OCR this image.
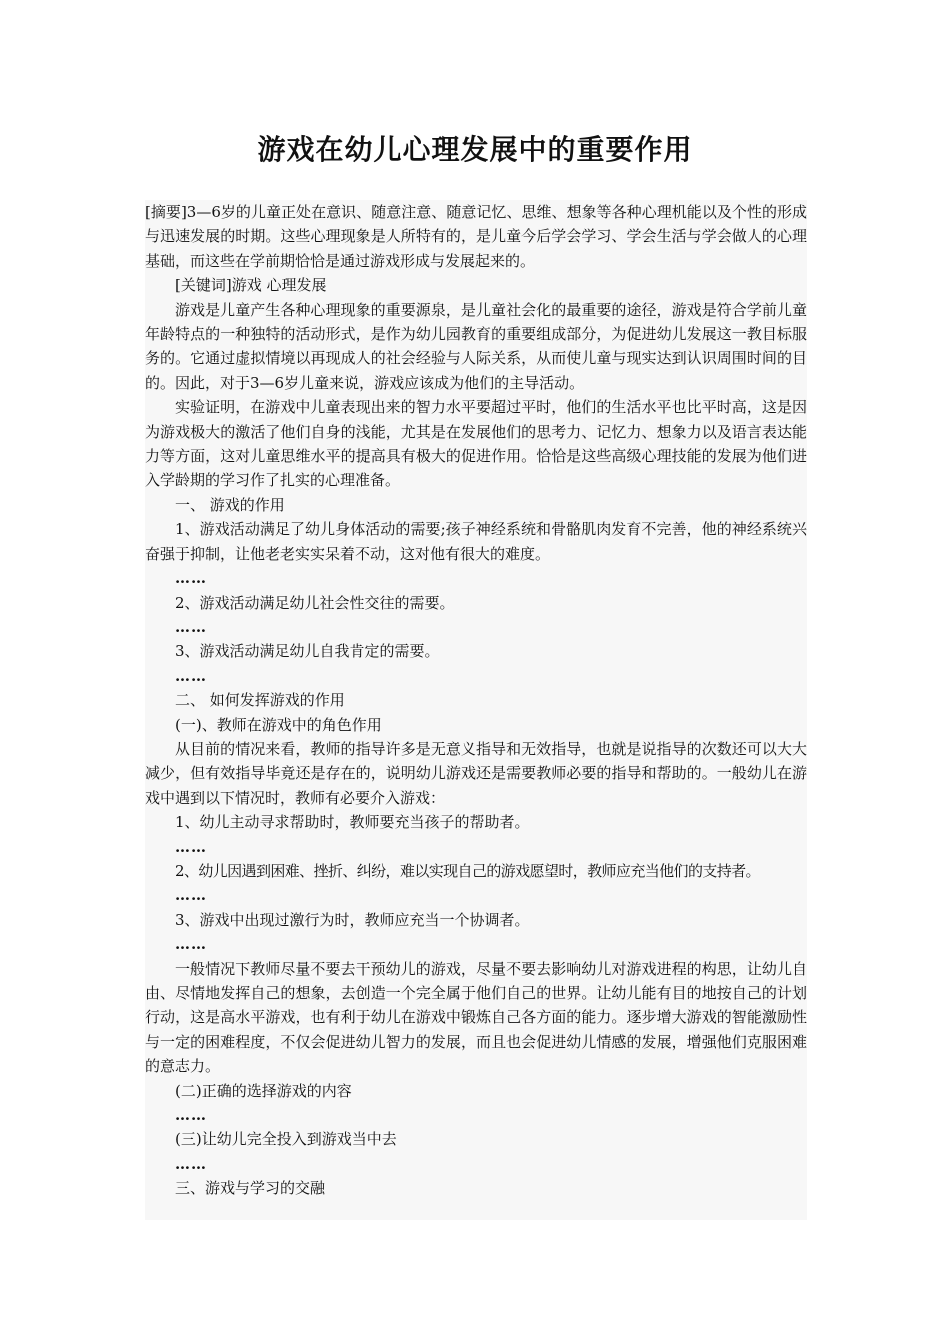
游戏在幼儿心理发展中的重要作用

[摘要]3—6岁的儿童正处在意识、随意注意、随意记忆、思维、想象等各种心理机能以及个性的形成与迅速发展的时期。这些心理现象是人所特有的，是儿童今后学会学习、学会生活与学会做人的心理基础，而这些在学前期恰恰是通过游戏形成与发展起来的。

[关键词]游戏 心理发展

游戏是儿童产生各种心理现象的重要源泉，是儿童社会化的最重要的途径，游戏是符合学前儿童年龄特点的一种独特的活动形式，是作为幼儿园教育的重要组成部分，为促进幼儿发展这一教目标服务的。它通过虚拟情境以再现成人的社会经验与人际关系，从而使儿童与现实达到认识周围时间的目的。因此，对于3—6岁儿童来说，游戏应该成为他们的主导活动。

实验证明，在游戏中儿童表现出来的智力水平要超过平时，他们的生活水平也比平时高，这是因为游戏极大的激活了他们自身的浅能，尤其是在发展他们的思考力、记忆力、想象力以及语言表达能力等方面，这对儿童思维水平的提高具有极大的促进作用。恰恰是这些高级心理技能的发展为他们进入学龄期的学习作了扎实的心理准备。

一、 游戏的作用

1、游戏活动满足了幼儿身体活动的需要;孩子神经系统和骨骼肌肉发育不完善，他的神经系统兴奋强于抑制，让他老老实实呆着不动，这对他有很大的难度。

……

2、游戏活动满足幼儿社会性交往的需要。

……

3、游戏活动满足幼儿自我肯定的需要。

……

二、 如何发挥游戏的作用

(一)、教师在游戏中的角色作用

从目前的情况来看，教师的指导许多是无意义指导和无效指导，也就是说指导的次数还可以大大减少，但有效指导毕竟还是存在的，说明幼儿游戏还是需要教师必要的指导和帮助的。一般幼儿在游戏中遇到以下情况时，教师有必要介入游戏：

1、幼儿主动寻求帮助时，教师要充当孩子的帮助者。

……

2、幼儿因遇到困难、挫折、纠纷，难以实现自己的游戏愿望时，教师应充当他们的支持者。

……

3、游戏中出现过激行为时，教师应充当一个协调者。

……

一般情况下教师尽量不要去干预幼儿的游戏，尽量不要去影响幼儿对游戏进程的构思，让幼儿自由、尽情地发挥自己的想象，去创造一个完全属于他们自己的世界。让幼儿能有目的地按自己的计划行动，这是高水平游戏，也有利于幼儿在游戏中锻炼自己各方面的能力。逐步增大游戏的智能激励性与一定的困难程度，不仅会促进幼儿智力的发展，而且也会促进幼儿情感的发展，增强他们克服困难的意志力。

(二)正确的选择游戏的内容

……

(三)让幼儿完全投入到游戏当中去

……

三、游戏与学习的交融
